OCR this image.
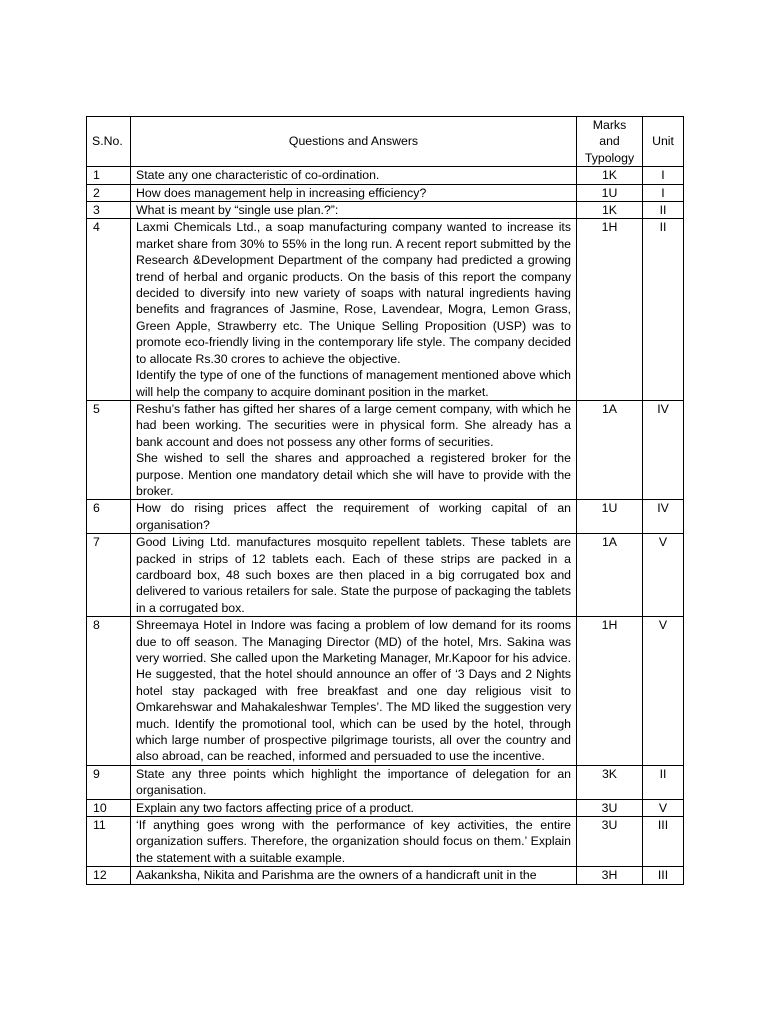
S.No.	Questions and Answers	Marks and Typology	Unit
1	State any one characteristic of co-ordination.	1K	I
2	How does management help in increasing efficiency?	1U	I
3	What is meant by “single use plan.?”:	1K	II
4	Laxmi Chemicals Ltd., a soap manufacturing company wanted to increase its market share from 30% to 55% in the long run. A recent report submitted by the Research &Development Department of the company had predicted a growing trend of herbal and organic products. On the basis of this report the company decided to diversify into new variety of soaps with natural ingredients having benefits and fragrances of Jasmine, Rose, Lavendear, Mogra, Lemon Grass, Green Apple, Strawberry etc. The Unique Selling Proposition (USP) was to promote eco-friendly living in the contemporary life style. The company decided to allocate Rs.30 crores to achieve the objective.

Identify the type of one of the functions of management mentioned above which will help the company to acquire dominant position in the market.	1H	II
5	Reshu’s father has gifted her shares of a large cement company, with which he had been working. The securities were in physical form. She already has a bank account and does not possess any other forms of securities.

She wished to sell the shares and approached a registered broker for the purpose. Mention one mandatory detail which she will have to provide with the broker.	1A	IV
6	How do rising prices affect the requirement of working capital of an organisation?	1U	IV
7	Good Living Ltd. manufactures mosquito repellent tablets. These tablets are packed in strips of 12 tablets each. Each of these strips are packed in a cardboard box, 48 such boxes are then placed in a big corrugated box and delivered to various retailers for sale. State the purpose of packaging the tablets in a corrugated box.	1A	V
8	Shreemaya Hotel in Indore was facing a problem of low demand for its rooms due to off season. The Managing Director (MD) of the hotel, Mrs. Sakina was very worried. She called upon the Marketing Manager, Mr.Kapoor for his advice. He suggested, that the hotel should announce an offer of ‘3 Days and 2 Nights hotel stay packaged with free breakfast and one day religious visit to Omkarehswar and Mahakaleshwar Temples’. The MD liked the suggestion very much. Identify the promotional tool, which can be used by the hotel, through which large number of prospective pilgrimage tourists, all over the country and also abroad, can be reached, informed and persuaded to use the incentive.	1H	V
9	State any three points which highlight the importance of delegation for an organisation.	3K	II
10	Explain any two factors affecting price of a product.	3U	V
11	‘If anything goes wrong with the performance of key activities, the entire organization suffers. Therefore, the organization should focus on them.’ Explain the statement with a suitable example.	3U	III
12	Aakanksha, Nikita and Parishma are the owners of a handicraft unit in the	3H	III
